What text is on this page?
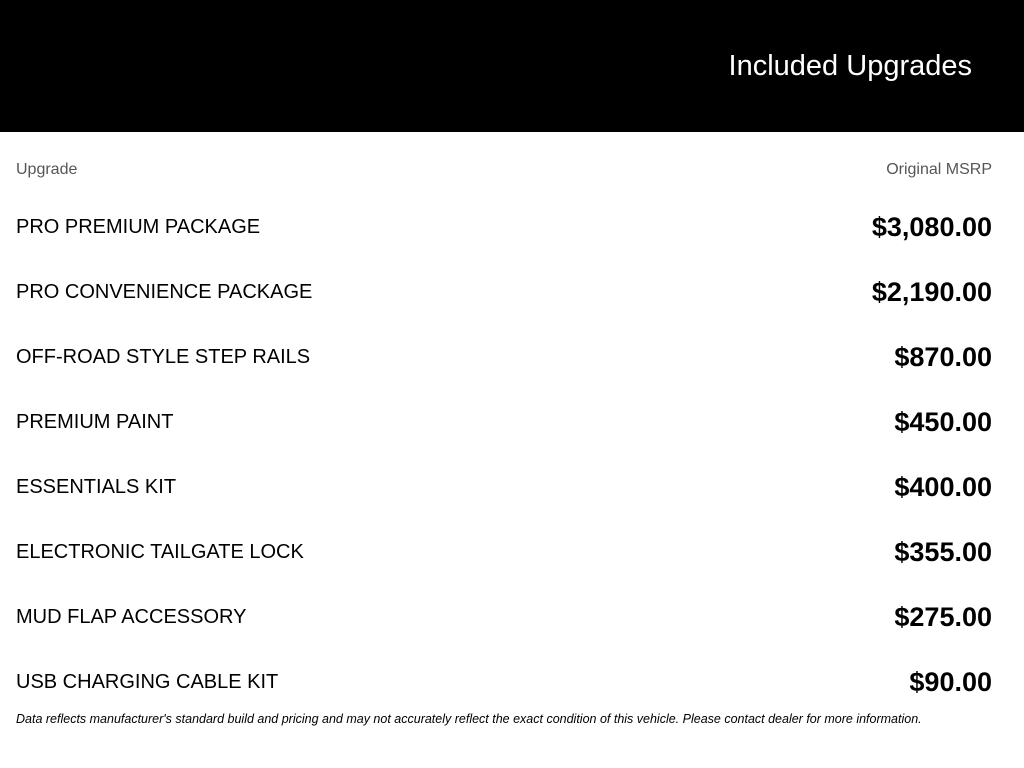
Included Upgrades
Upgrade	Original MSRP
PRO PREMIUM PACKAGE	$3,080.00
PRO CONVENIENCE PACKAGE	$2,190.00
OFF-ROAD STYLE STEP RAILS	$870.00
PREMIUM PAINT	$450.00
ESSENTIALS KIT	$400.00
ELECTRONIC TAILGATE LOCK	$355.00
MUD FLAP ACCESSORY	$275.00
USB CHARGING CABLE KIT	$90.00
Data reflects manufacturer's standard build and pricing and may not accurately reflect the exact condition of this vehicle. Please contact dealer for more information.
